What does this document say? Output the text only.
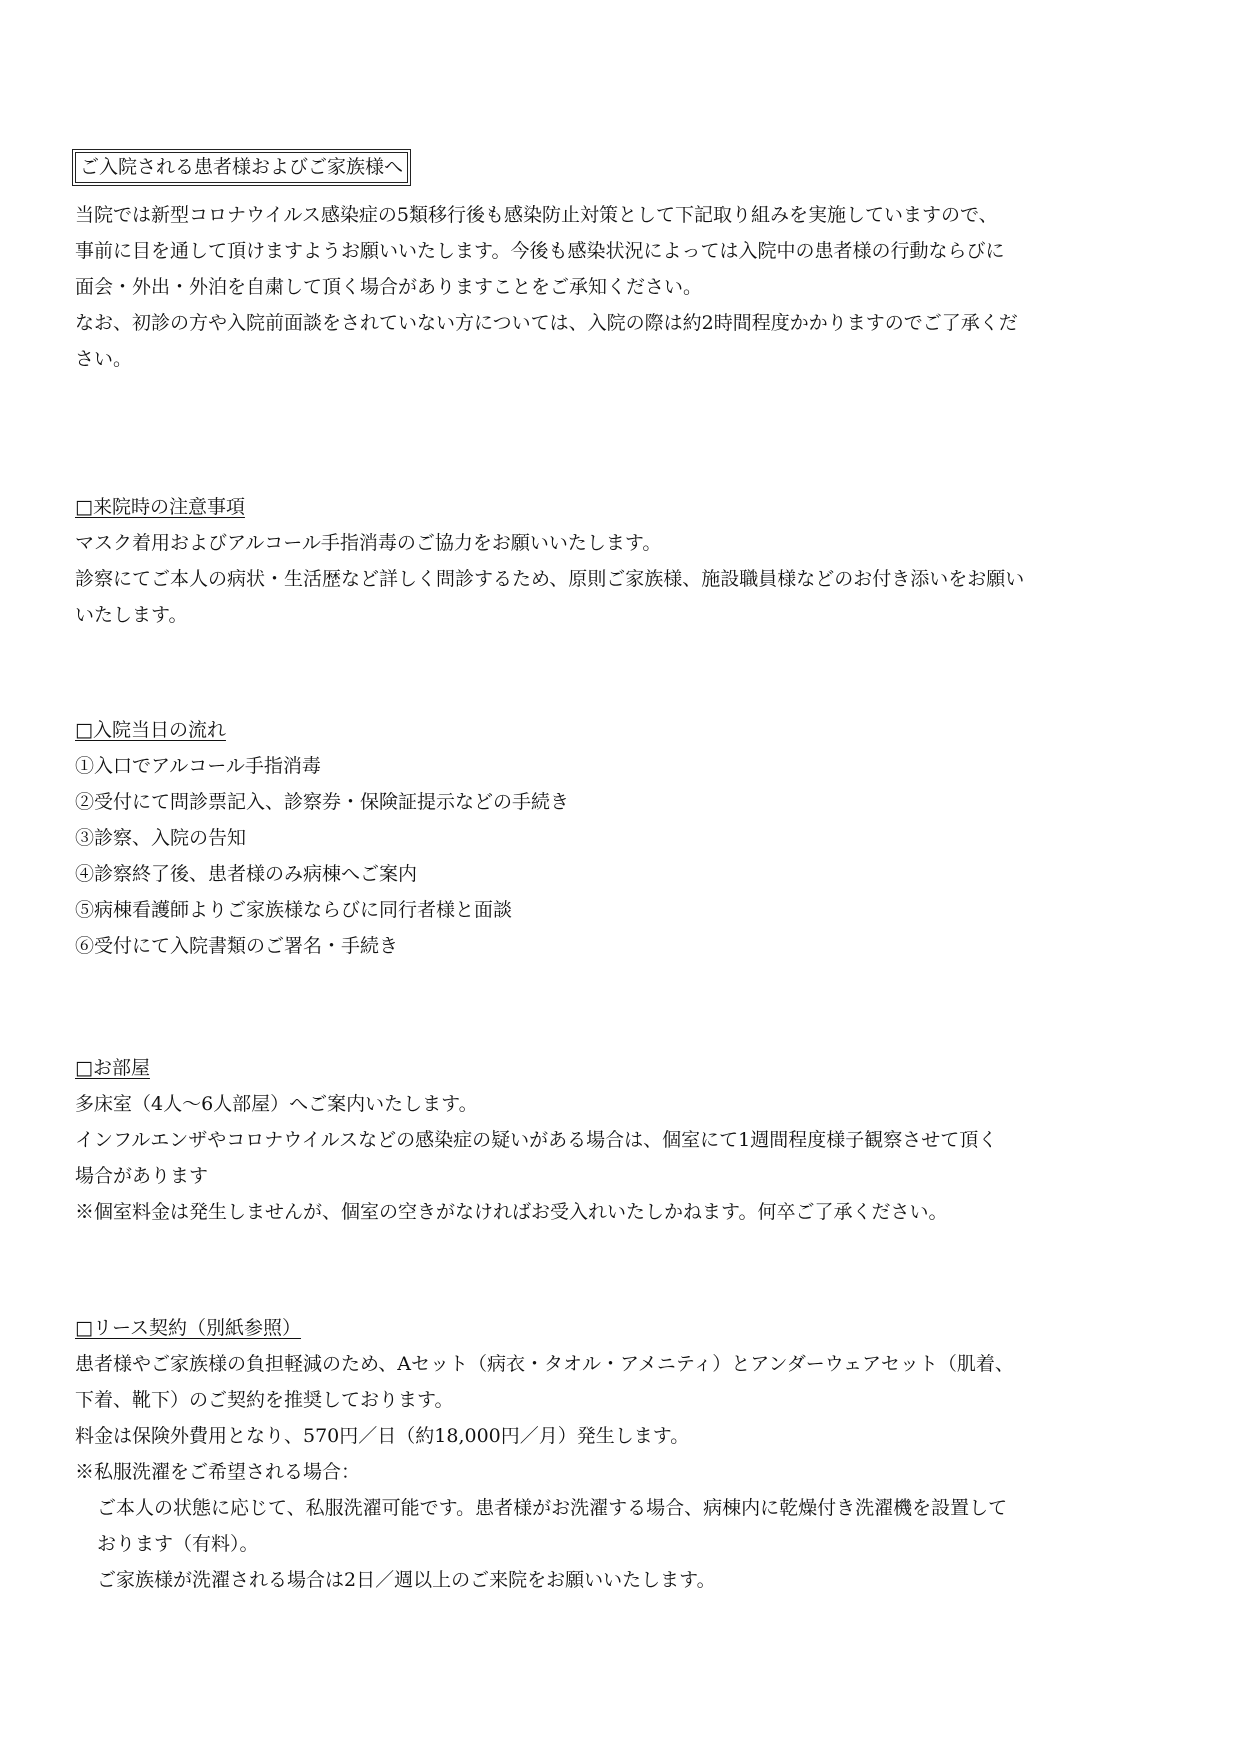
ご入院される患者様およびご家族様へ
当院では新型コロナウイルス感染症の5類移行後も感染防止対策として下記取り組みを実施していますので、
事前に目を通して頂けますようお願いいたします。今後も感染状況によっては入院中の患者様の行動ならびに
面会・外出・外泊を自粛して頂く場合がありますことをご承知ください。
なお、初診の方や入院前面談をされていない方については、入院の際は約2時間程度かかりますのでご了承くだ
さい。
□来院時の注意事項
マスク着用およびアルコール手指消毒のご協力をお願いいたします。
診察にてご本人の病状・生活歴など詳しく問診するため、原則ご家族様、施設職員様などのお付き添いをお願い
いたします。
□入院当日の流れ
①入口でアルコール手指消毒
②受付にて問診票記入、診察券・保険証提示などの手続き
③診察、入院の告知
④診察終了後、患者様のみ病棟へご案内
⑤病棟看護師よりご家族様ならびに同行者様と面談
⑥受付にて入院書類のご署名・手続き
□お部屋
多床室（4人～6人部屋）へご案内いたします。
インフルエンザやコロナウイルスなどの感染症の疑いがある場合は、個室にて1週間程度様子観察させて頂く
場合があります
※個室料金は発生しませんが、個室の空きがなければお受入れいたしかねます。何卒ご了承ください。
□リース契約（別紙参照）
患者様やご家族様の負担軽減のため、Aセット（病衣・タオル・アメニティ）とアンダーウェアセット（肌着、
下着、靴下）のご契約を推奨しております。
料金は保険外費用となり、570円／日（約18,000円／月）発生します。
※私服洗濯をご希望される場合：
ご本人の状態に応じて、私服洗濯可能です。患者様がお洗濯する場合、病棟内に乾燥付き洗濯機を設置して
おります（有料）。
ご家族様が洗濯される場合は2日／週以上のご来院をお願いいたします。
